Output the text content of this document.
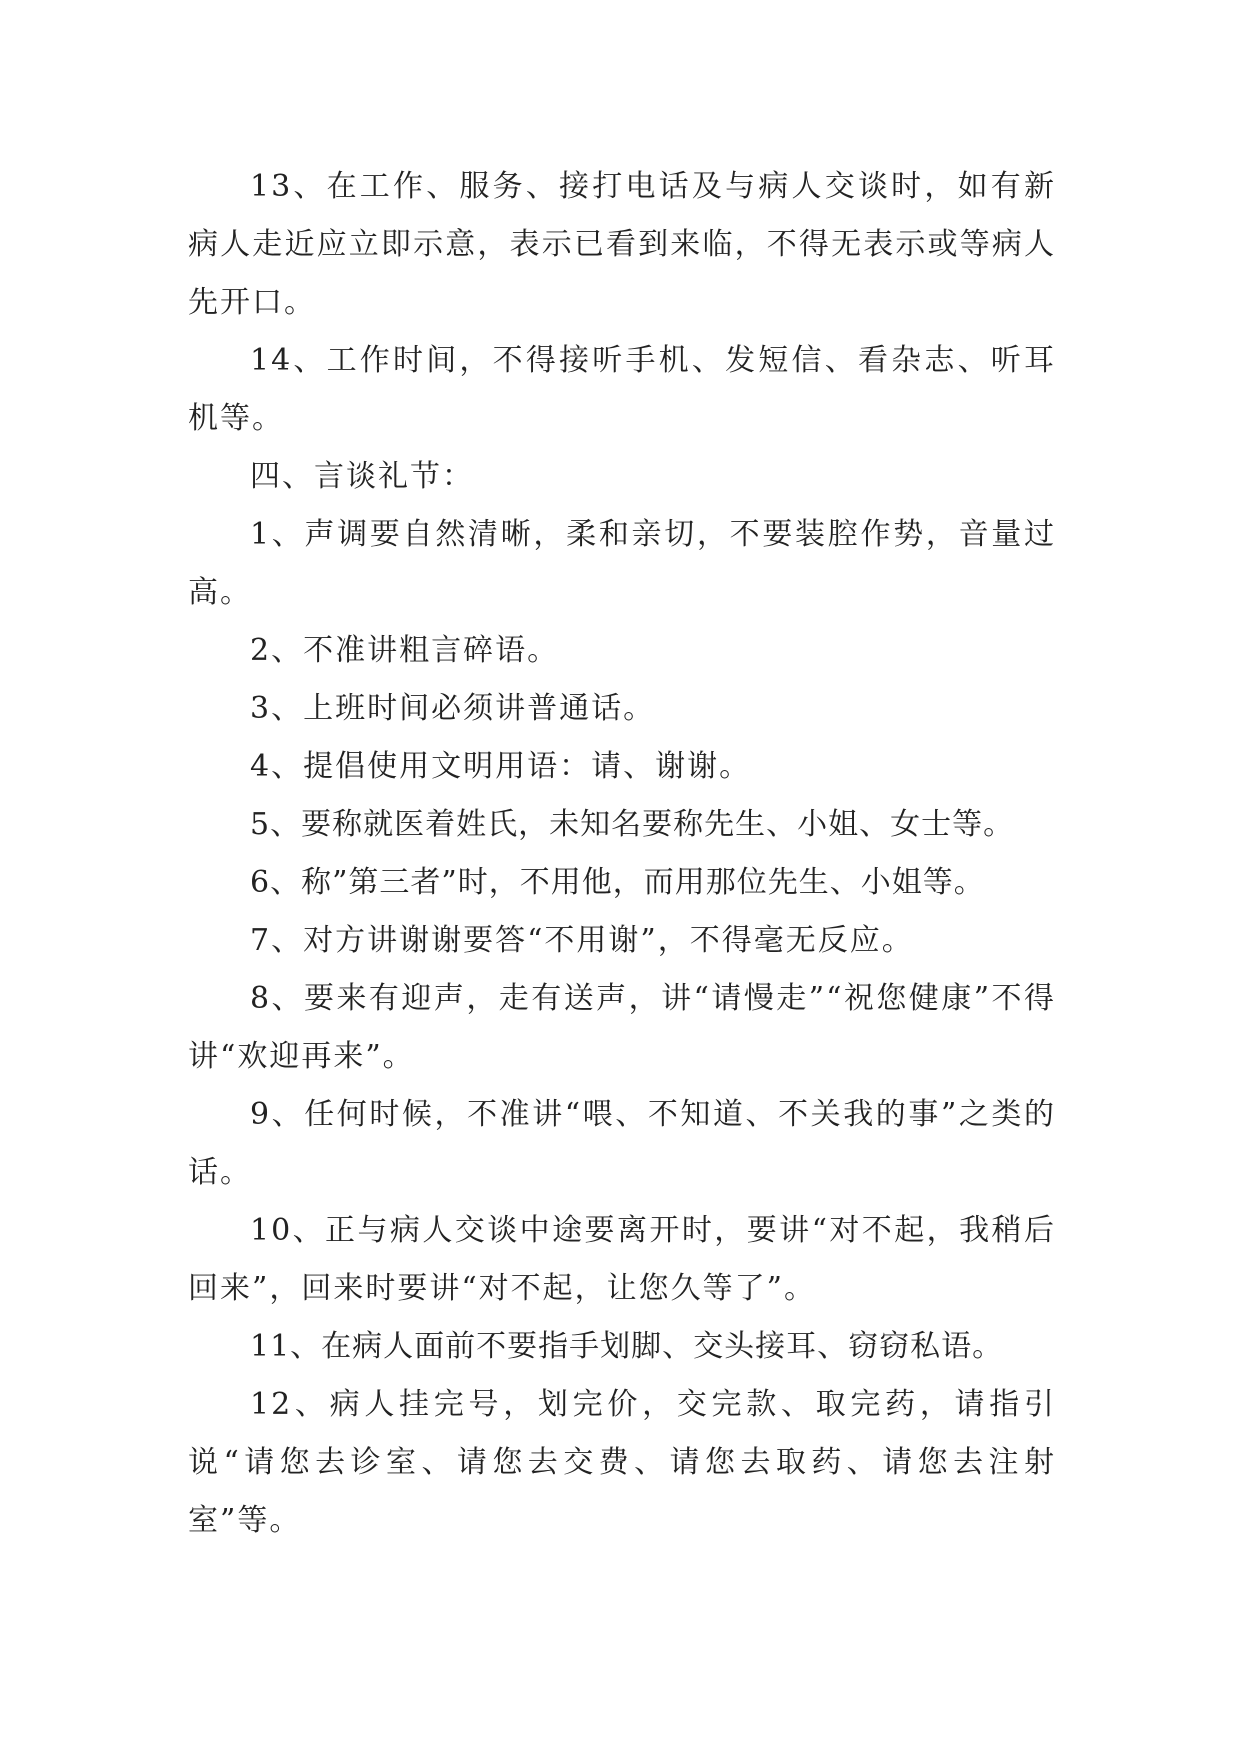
13、在工作、服务、接打电话及与病人交谈时，如有新病人走近应立即示意，表示已看到来临，不得无表示或等病人先开口。

14、工作时间，不得接听手机、发短信、看杂志、听耳机等。

四、言谈礼节：

1、声调要自然清晰，柔和亲切，不要装腔作势，音量过高。

2、不准讲粗言碎语。

3、上班时间必须讲普通话。

4、提倡使用文明用语：请、谢谢。

5、要称就医着姓氏，未知名要称先生、小姐、女士等。

6、称”第三者”时，不用他，而用那位先生、小姐等。

7、对方讲谢谢要答“不用谢”，不得毫无反应。

8、要来有迎声，走有送声，讲“请慢走”“祝您健康”不得讲“欢迎再来”。

9、任何时候，不准讲“喂、不知道、不关我的事”之类的话。

10、正与病人交谈中途要离开时，要讲“对不起，我稍后回来”，回来时要讲“对不起，让您久等了”。

11、在病人面前不要指手划脚、交头接耳、窃窃私语。

12、病人挂完号，划完价，交完款、取完药，请指引说“请您去诊室、请您去交费、请您去取药、请您去注射室”等。
